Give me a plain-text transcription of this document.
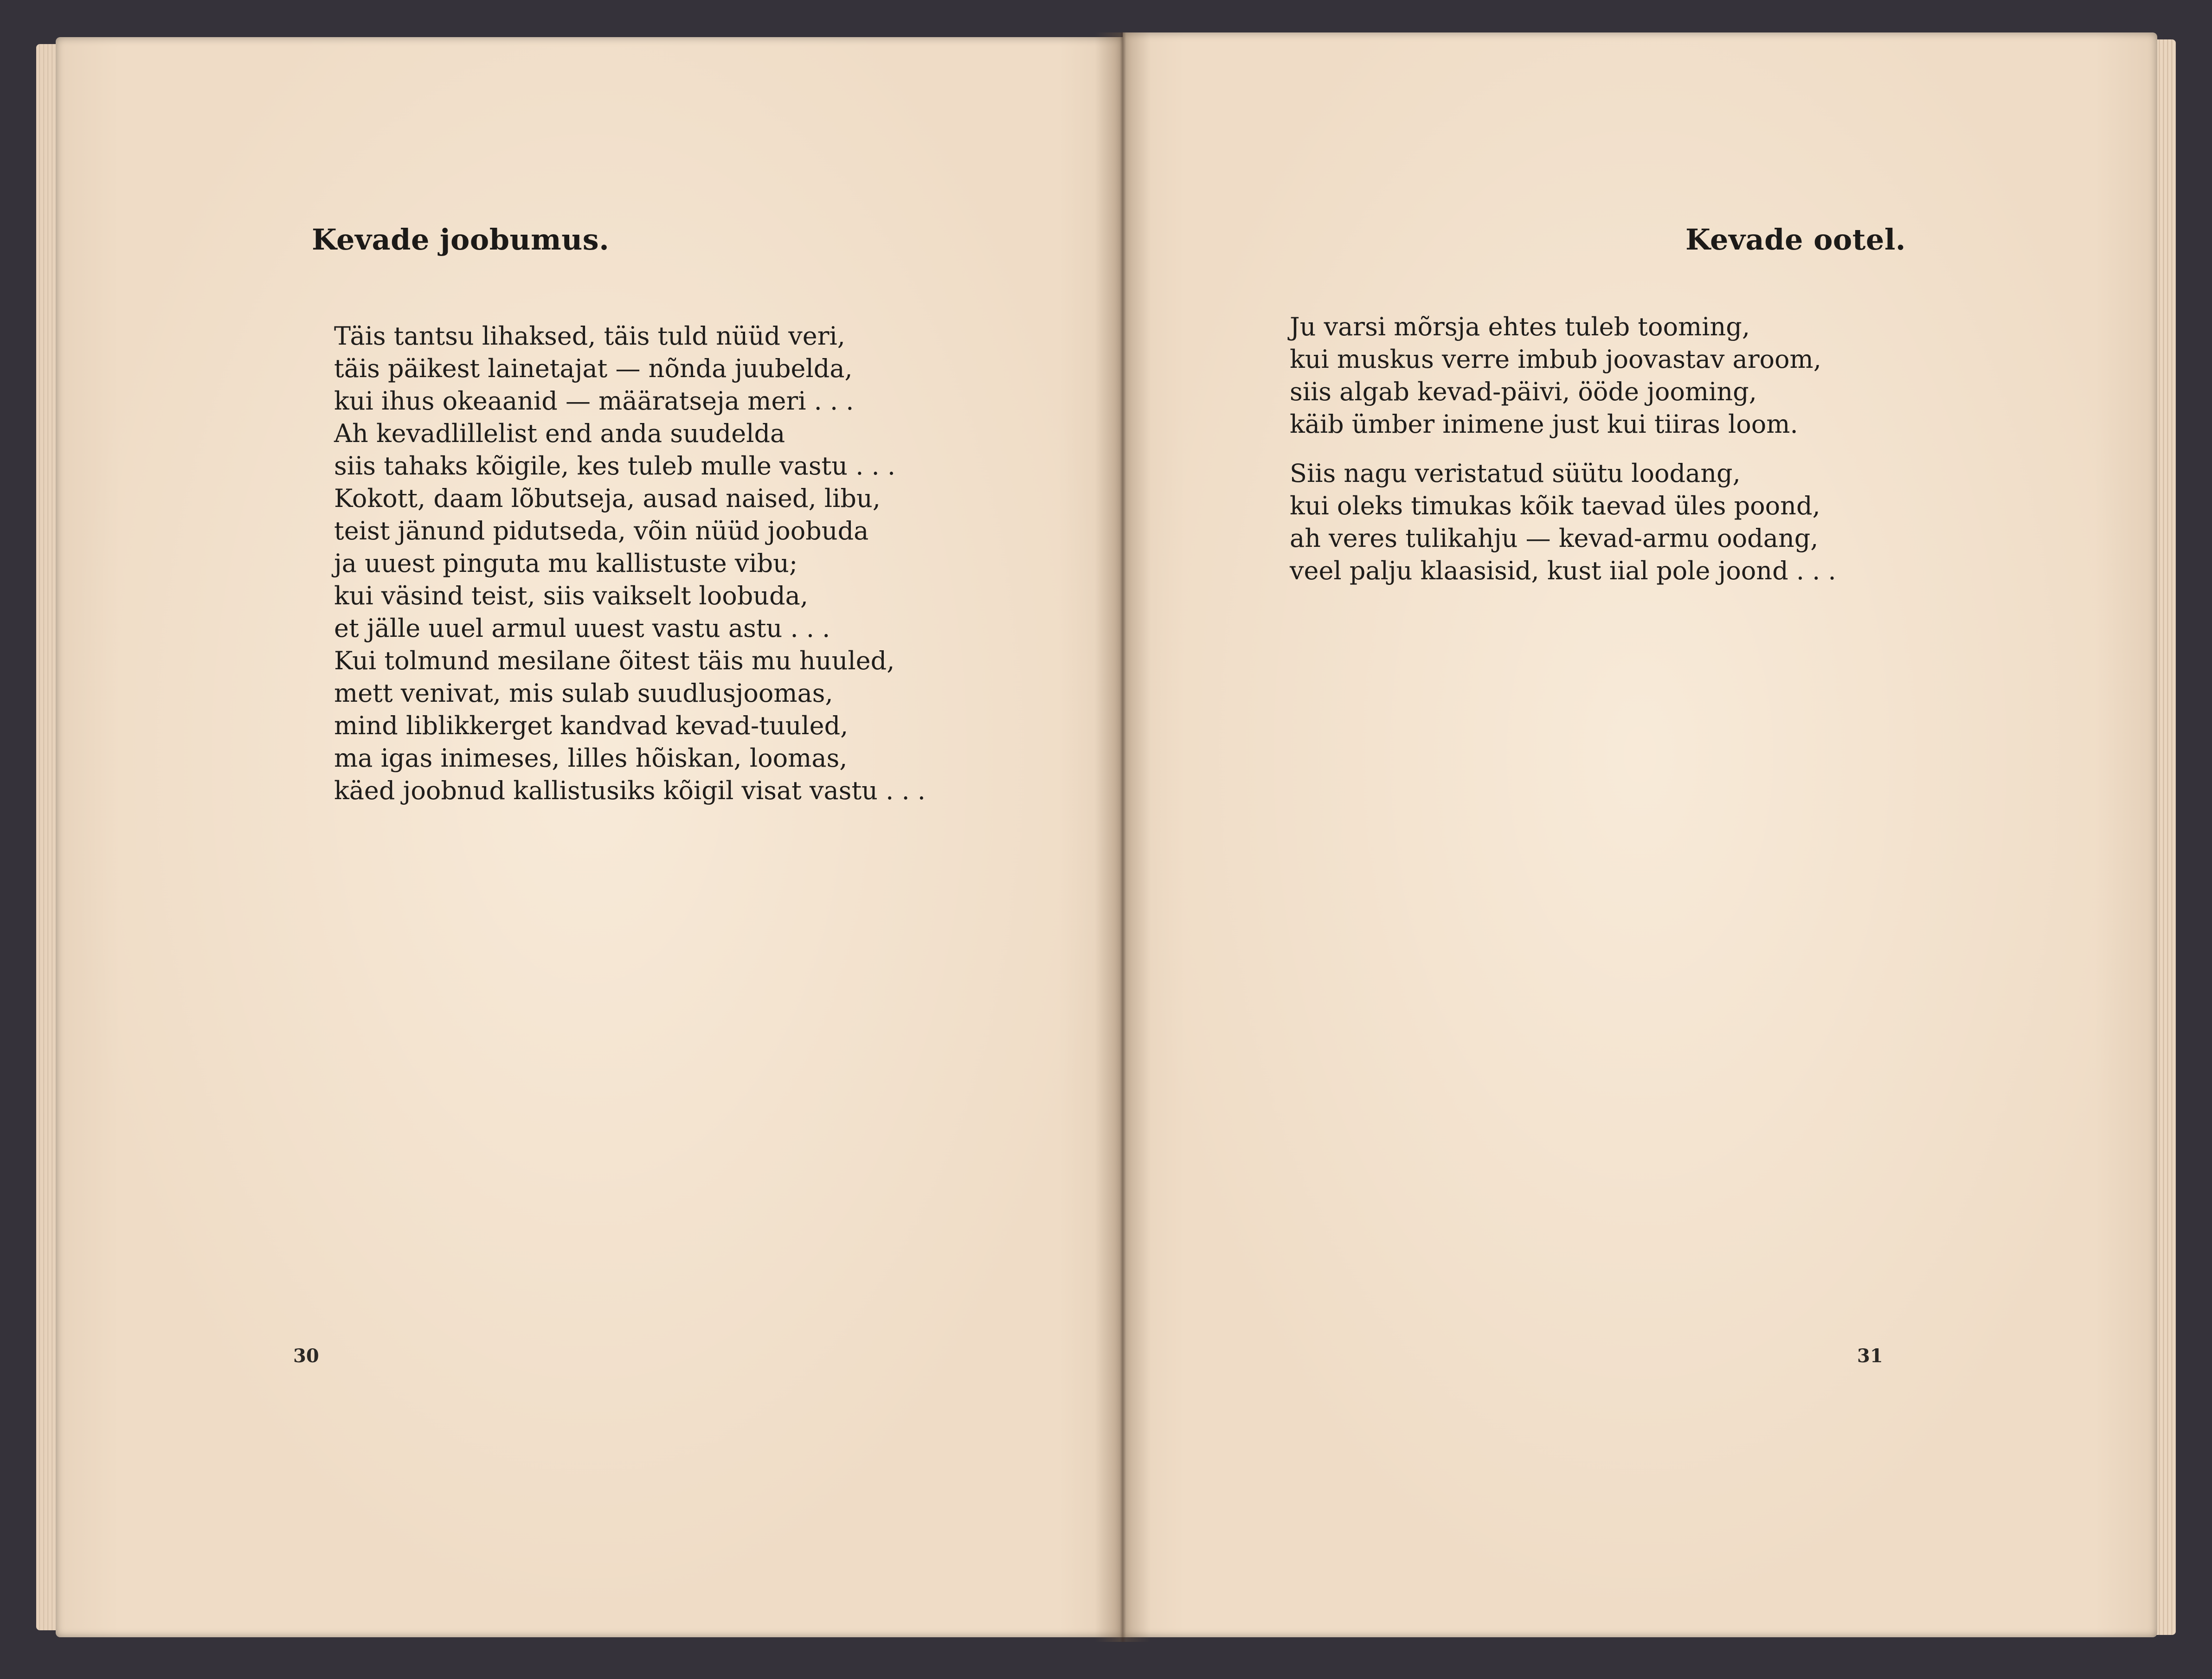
Kevade joobumus.
Täis tantsu lihaksed, täis tuld nüüd veri,
täis päikest lainetajat — nõnda juubelda,
kui ihus okeaanid — määratseja meri . . .
Ah kevadlillelist end anda suudelda
siis tahaks kõigile, kes tuleb mulle vastu . . .
Kokott, daam lõbutseja, ausad naised, libu,
teist jänund pidutseda, võin nüüd joobuda
ja uuest pinguta mu kallistuste vibu;
kui väsind teist, siis vaikselt loobuda,
et jälle uuel armul uuest vastu astu . . .
Kui tolmund mesilane õitest täis mu huuled,
mett venivat, mis sulab suudlusjoomas,
mind liblikkerget kandvad kevad-tuuled,
ma igas inimeses, lilles hõiskan, loomas,
käed joobnud kallistusiks kõigil visat vastu . . .

30

Kevade ootel.
Ju varsi mõrsja ehtes tuleb tooming,
kui muskus verre imbub joovastav aroom,
siis algab kevad-päivi, ööde jooming,
käib ümber inimene just kui tiiras loom.
Siis nagu veristatud süütu loodang,
kui oleks timukas kõik taevad üles poond,
ah veres tulikahju — kevad-armu oodang,
veel palju klaasisid, kust iial pole joond . . .

31
